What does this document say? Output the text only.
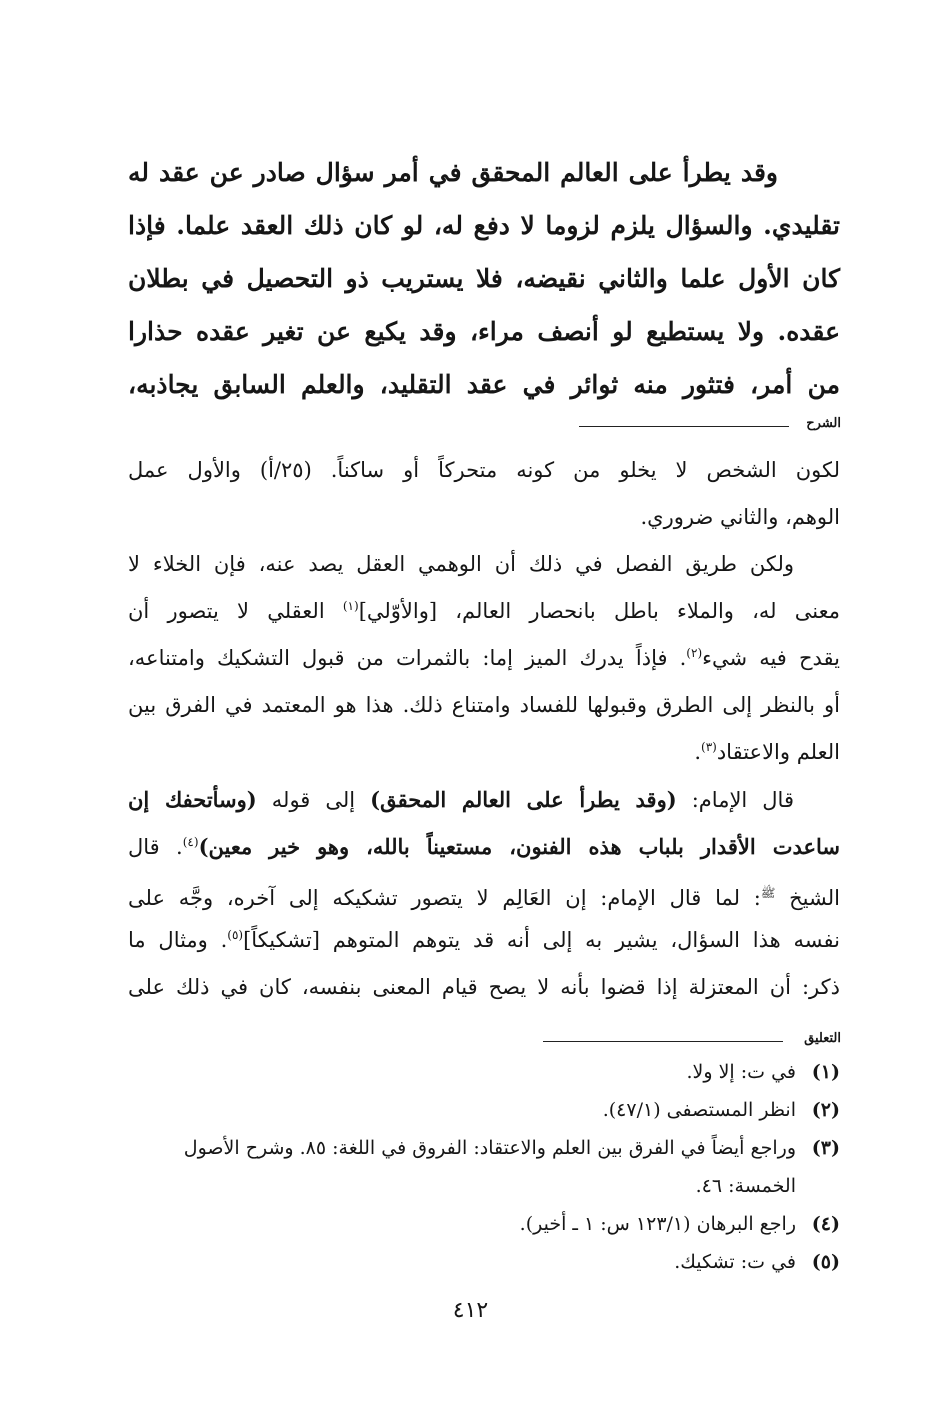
وقد يطرأ على العالم المحقق في أمر سؤال صادر عن عقد له
تقليدي. والسؤال يلزم لزوما لا دفع له، لو كان ذلك العقد علما. فإذا
كان الأول علما والثاني نقيضه، فلا يستريب ذو التحصيل في بطلان
عقده. ولا يستطيع لو أنصف مراء، وقد يكيع عن تغير عقده حذارا
من أمر، فتثور منه ثوائر في عقد التقليد، والعلم السابق يجاذبه،
الشرح
لكون الشخص لا يخلو من كونه متحركاً أو ساكناً. (٢٥/أ) والأول عمل
الوهم، والثاني ضروري.
ولكن طريق الفصل في ذلك أن الوهمي العقل يصد عنه، فإن الخلاء لا
معنى له، والملاء باطل بانحصار العالم، [والأوّلي]$^{(١)}$ العقلي لا يتصور أن
يقدح فيه شيء$^{(٢)}$. فإذاً يدرك الميز إما: بالثمرات من قبول التشكيك وامتناعه،
أو بالنظر إلى الطرق وقبولها للفساد وامتناع ذلك. هذا هو المعتمد في الفرق بين
العلم والاعتقاد$^{(٣)}$.
قال الإمام: (وقد يطرأ على العالم المحقق) إلى قوله (وسأتحفك إن
ساعدت الأقدار بلباب هذه الفنون، مستعيناً بالله، وهو خير معين)$^{(٤)}$. قال
الشيخ ﷺ: لما قال الإمام: إن العَالِم لا يتصور تشكيكه إلى آخره، وجَّه على
نفسه هذا السؤال، يشير به إلى أنه قد يتوهم المتوهم [تشكيكاً]$^{(٥)}$. ومثال ما
ذكر: أن المعتزلة إذا قضوا بأنه لا يصح قيام المعنى بنفسه، كان في ذلك على
التعليق
(١)
في ت: إلا ولا.
(٢)
انظر المستصفى (٤٧/١).
(٣)
وراجع أيضاً في الفرق بين العلم والاعتقاد: الفروق في اللغة: ٨٥. وشرح الأصول
الخمسة: ٤٦.
(٤)
راجع البرهان (١٢٣/١ س: ١ ـ أخير).
(٥)
في ت: تشكيك.
٤١٢
